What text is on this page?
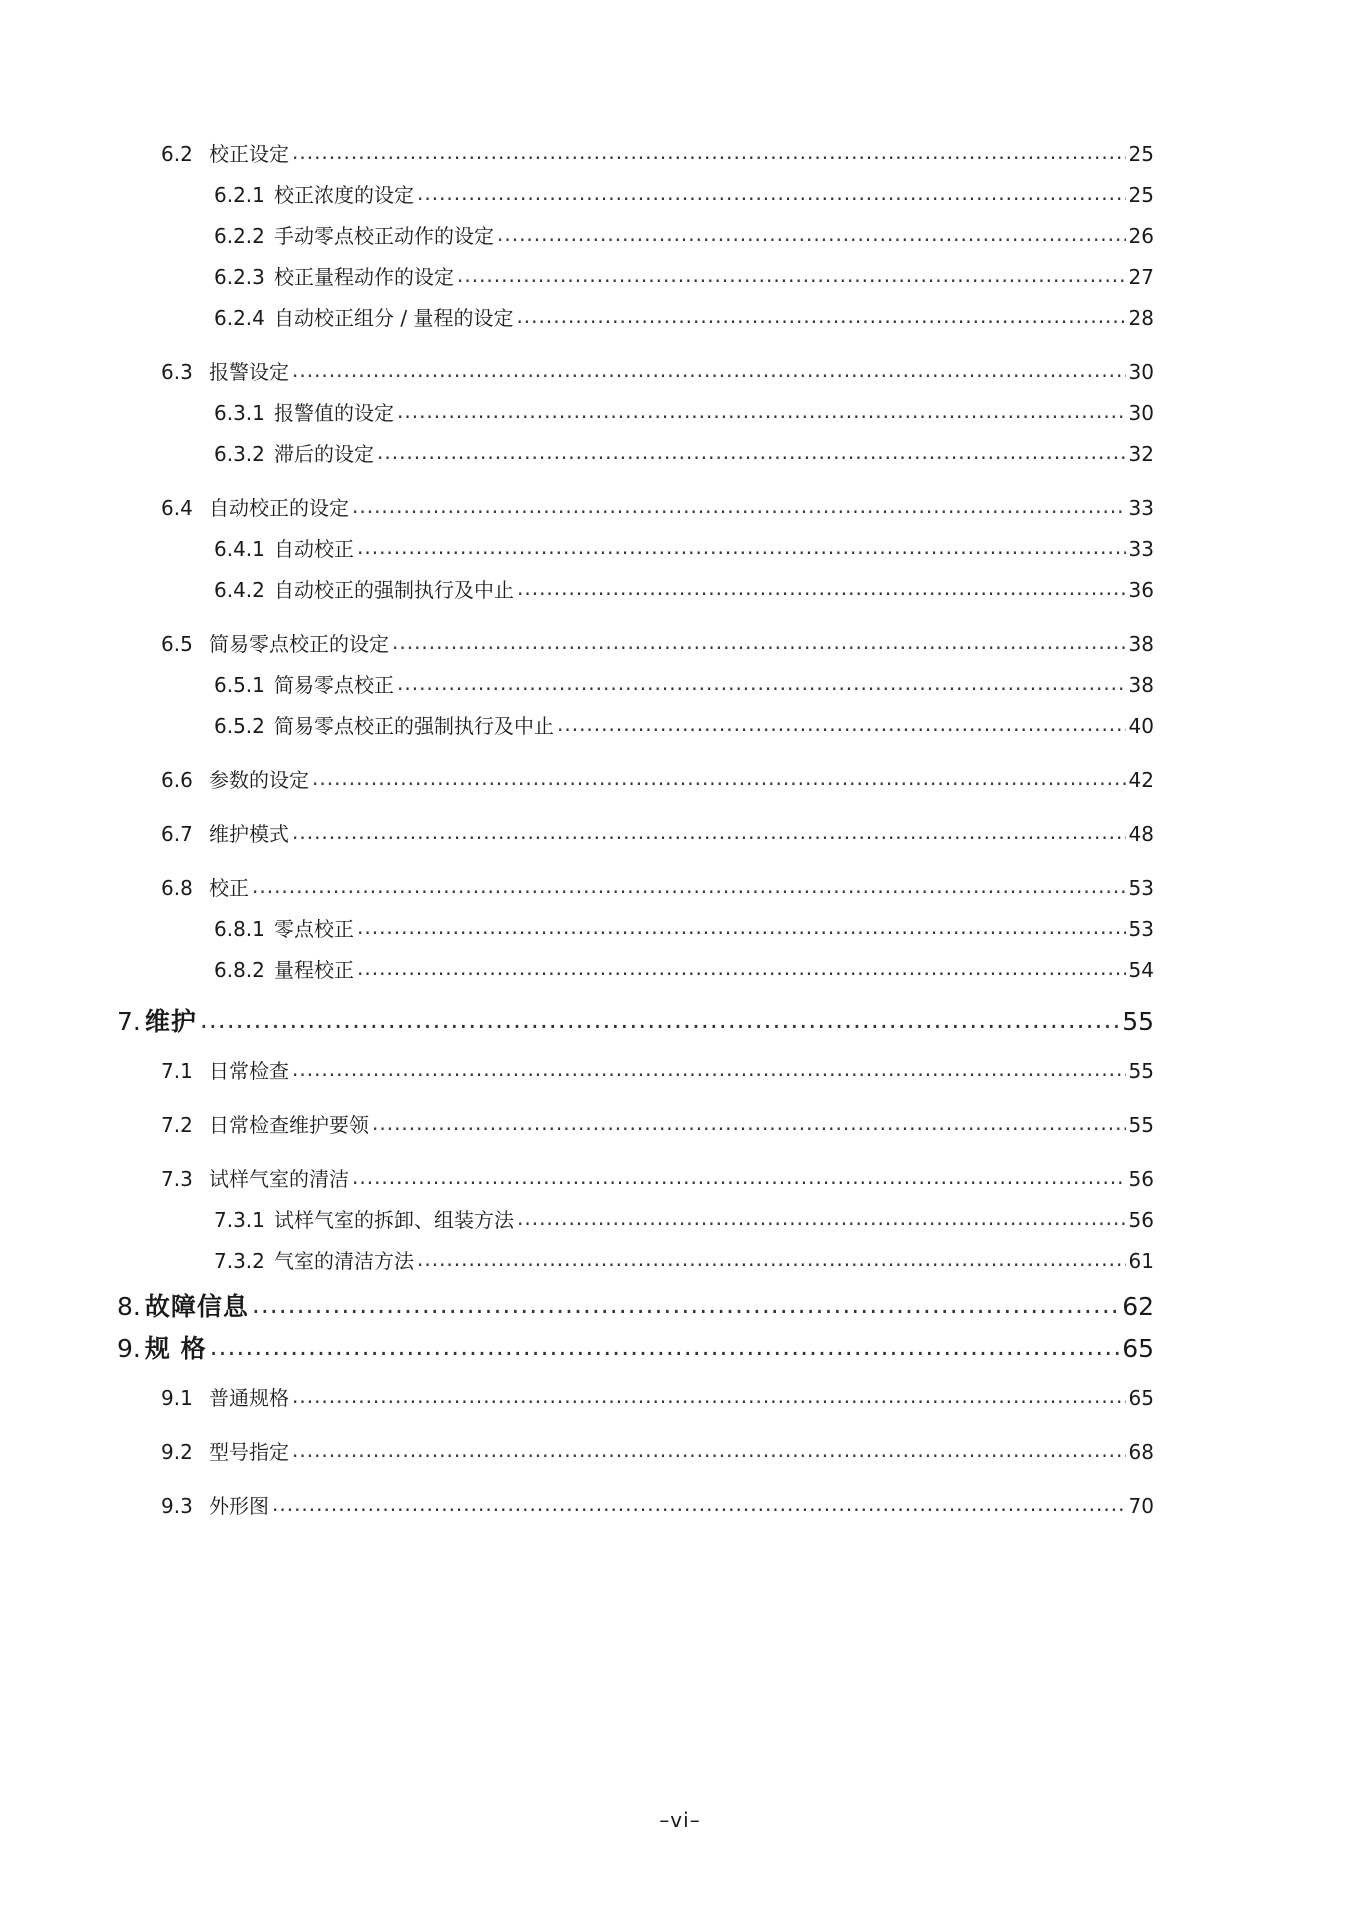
6.2 校正设定 .....	25
6.2.1 校正浓度的设定 .....	25
6.2.2 手动零点校正动作的设定 .....	26
6.2.3 校正量程动作的设定 .....	27
6.2.4 自动校正组分 / 量程的设定 .....	28
6.3 报警设定 .....	30
6.3.1 报警值的设定 .....	30
6.3.2 滞后的设定 .....	32
6.4 自动校正的设定 .....	33
6.4.1 自动校正 .....	33
6.4.2 自动校正的强制执行及中止 .....	36
6.5 简易零点校正的设定 .....	38
6.5.1 简易零点校正 .....	38
6.5.2 简易零点校正的强制执行及中止 .....	40
6.6 参数的设定 .....	42
6.7 维护模式 .....	48
6.8 校正 .....	53
6.8.1 零点校正 .....	53
6.8.2 量程校正 .....	54
7. 维护 .....	55
7.1 日常检查 .....	55
7.2 日常检查维护要领 .....	55
7.3 试样气室的清洁 .....	56
7.3.1 试样气室的拆卸、组装方法 .....	56
7.3.2 气室的清洁方法 .....	61
8. 故障信息 .....	62
9. 规 格 .....	65
9.1 普通规格 .....	65
9.2 型号指定 .....	68
9.3 外形图 .....	70
–vi–
